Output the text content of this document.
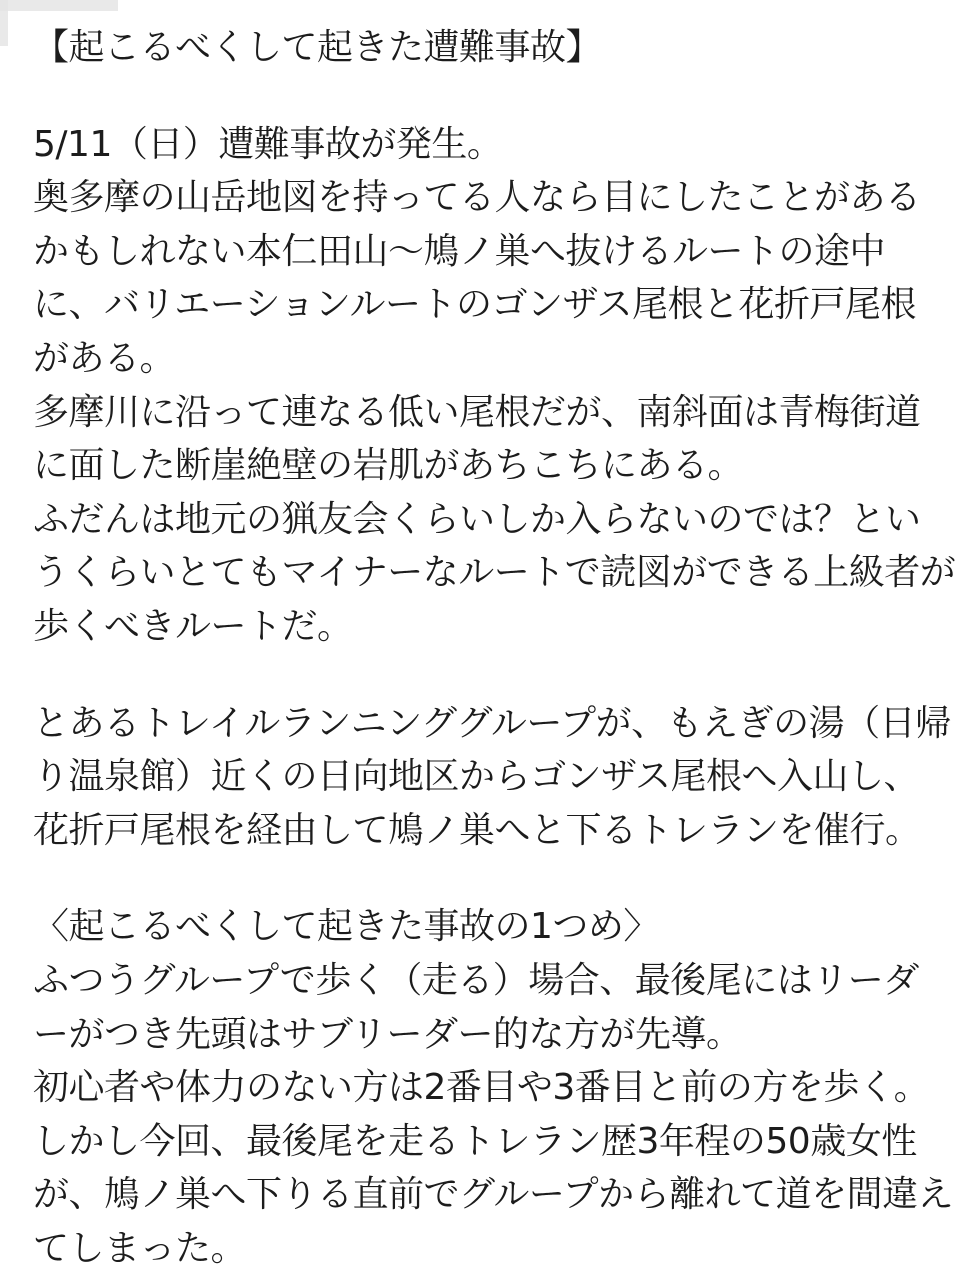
【起こるべくして起きた遭難事故】
5/11（日）遭難事故が発生。
奥多摩の山岳地図を持ってる人なら目にしたことがある
かもしれない本仁田山～鳩ノ巣へ抜けるルートの途中
に、バリエーションルートのゴンザス尾根と花折戸尾根
がある。
多摩川に沿って連なる低い尾根だが、南斜面は青梅街道
に面した断崖絶壁の岩肌があちこちにある。
ふだんは地元の猟友会くらいしか入らないのでは？とい
うくらいとてもマイナーなルートで読図ができる上級者が
歩くべきルートだ。
とあるトレイルランニンググループが、もえぎの湯（日帰
り温泉館）近くの日向地区からゴンザス尾根へ入山し、
花折戸尾根を経由して鳩ノ巣へと下るトレランを催行。
〈起こるべくして起きた事故の1つめ〉
ふつうグループで歩く（走る）場合、最後尾にはリーダ
ーがつき先頭はサブリーダー的な方が先導。
初心者や体力のない方は2番目や3番目と前の方を歩く。
しかし今回、最後尾を走るトレラン歴3年程の50歳女性
が、鳩ノ巣へ下りる直前でグループから離れて道を間違え
てしまった。
